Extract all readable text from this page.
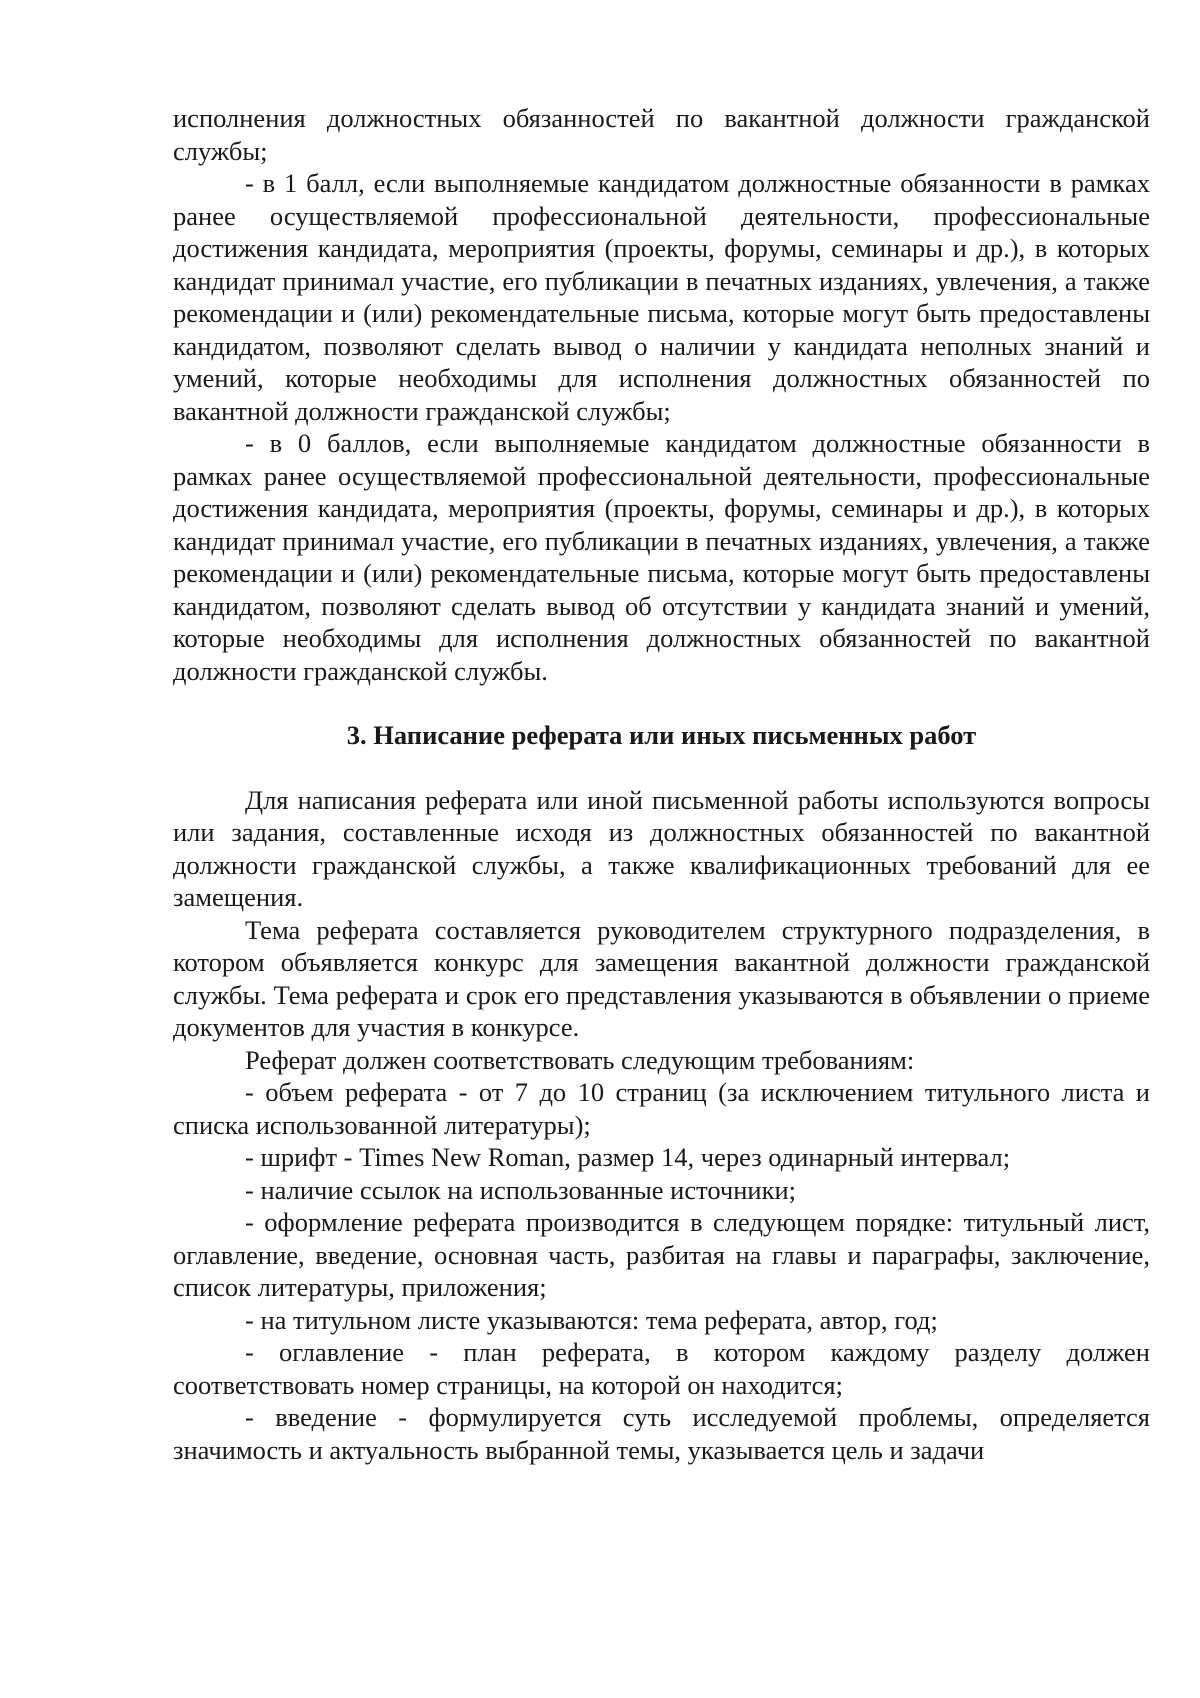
исполнения должностных обязанностей по вакантной должности гражданской службы;

- в 1 балл, если выполняемые кандидатом должностные обязанности в рамках ранее осуществляемой профессиональной деятельности, профессиональные достижения кандидата, мероприятия (проекты, форумы, семинары и др.), в которых кандидат принимал участие, его публикации в печатных изданиях, увлечения, а также рекомендации и (или) рекомендательные письма, которые могут быть предоставлены кандидатом, позволяют сделать вывод о наличии у кандидата неполных знаний и умений, которые необходимы для исполнения должностных обязанностей по вакантной должности гражданской службы;

- в 0 баллов, если выполняемые кандидатом должностные обязанности в рамках ранее осуществляемой профессиональной деятельности, профессиональные достижения кандидата, мероприятия (проекты, форумы, семинары и др.), в которых кандидат принимал участие, его публикации в печатных изданиях, увлечения, а также рекомендации и (или) рекомендательные письма, которые могут быть предоставлены кандидатом, позволяют сделать вывод об отсутствии у кандидата знаний и умений, которые необходимы для исполнения должностных обязанностей по вакантной должности гражданской службы.

3. Написание реферата или иных письменных работ

Для написания реферата или иной письменной работы используются вопросы или задания, составленные исходя из должностных обязанностей по вакантной должности гражданской службы, а также квалификационных требований для ее замещения.

Тема реферата составляется руководителем структурного подразделения, в котором объявляется конкурс для замещения вакантной должности гражданской службы. Тема реферата и срок его представления указываются в объявлении о приеме документов для участия в конкурсе.

Реферат должен соответствовать следующим требованиям:

- объем реферата - от 7 до 10 страниц (за исключением титульного листа и списка использованной литературы);

- шрифт - Times New Roman, размер 14, через одинарный интервал;

- наличие ссылок на использованные источники;

- оформление реферата производится в следующем порядке: титульный лист, оглавление, введение, основная часть, разбитая на главы и параграфы, заключение, список литературы, приложения;

- на титульном листе указываются: тема реферата, автор, год;

- оглавление - план реферата, в котором каждому разделу должен соответствовать номер страницы, на которой он находится;

- введение - формулируется суть исследуемой проблемы, определяется значимость и актуальность выбранной темы, указывается цель и задачи
